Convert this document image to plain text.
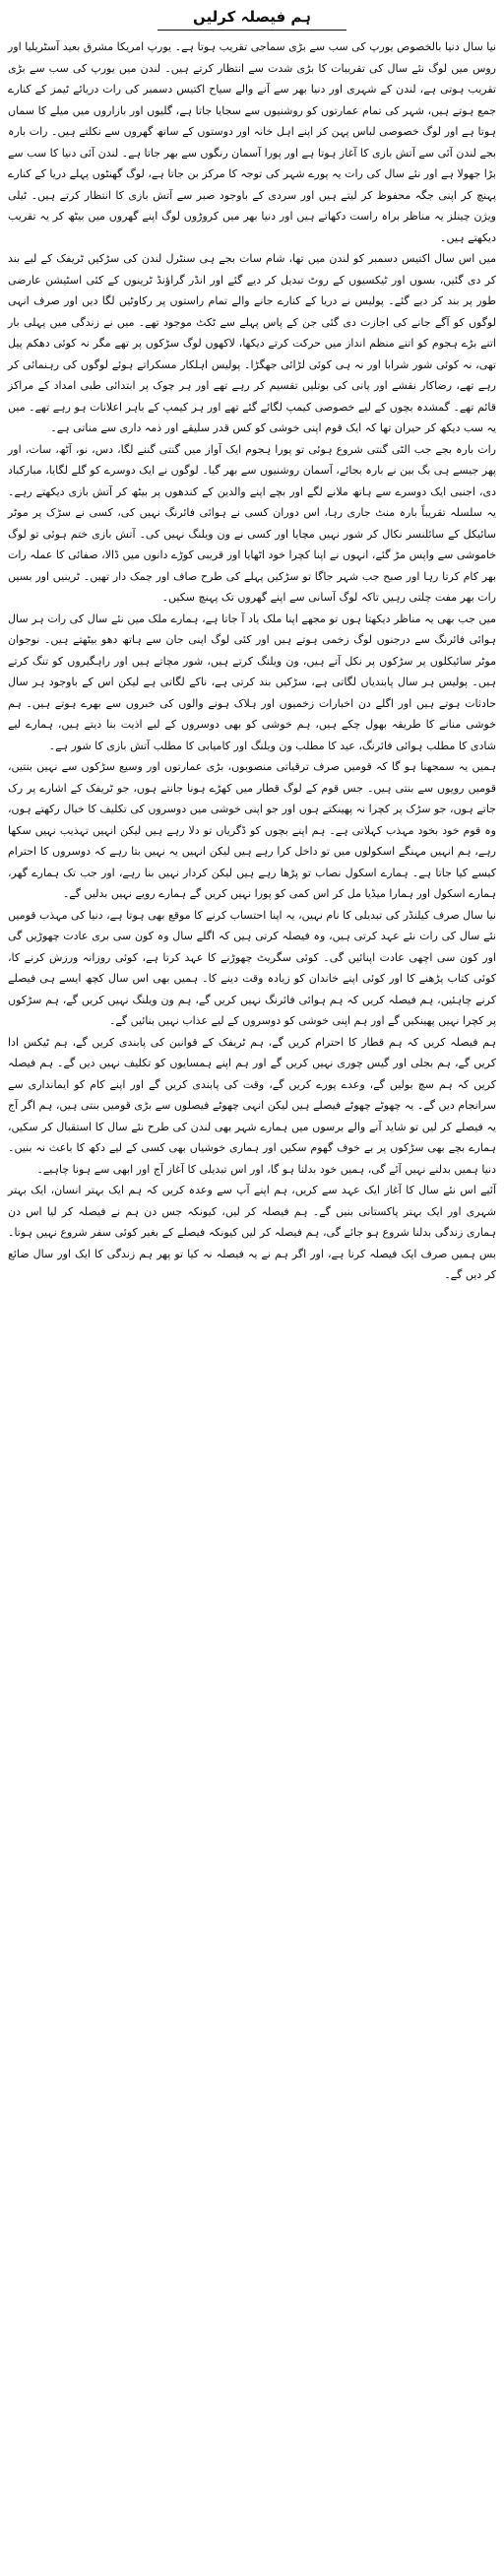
ہم فیصلہ کرلیں

نیا سال دنیا بالخصوص یورپ کی سب سے بڑی سماجی تقریب ہوتا ہے۔ یورپ امریکا مشرق بعید آسٹریلیا اور روس میں لوگ نئے سال کی تقریبات کا بڑی شدت سے انتظار کرتے ہیں۔ لندن میں یورپ کی سب سے بڑی تقریب ہوتی ہے، لندن کے شہری اور دنیا بھر سے آنے والے سیاح اکتیس دسمبر کی رات دریائے ٹیمز کے کنارے جمع ہوتے ہیں، شہر کی تمام عمارتوں کو روشنیوں سے سجایا جاتا ہے، گلیوں اور بازاروں میں میلے کا سماں ہوتا ہے اور لوگ خصوصی لباس پہن کر اپنے اہل خانہ اور دوستوں کے ساتھ گھروں سے نکلتے ہیں۔ رات بارہ بجے لندن آئی سے آتش بازی کا آغاز ہوتا ہے اور پورا آسمان رنگوں سے بھر جاتا ہے۔ لندن آئی دنیا کا سب سے بڑا جھولا ہے اور نئے سال کی رات یہ پورے شہر کی توجہ کا مرکز بن جاتا ہے، لوگ گھنٹوں پہلے دریا کے کنارے پہنچ کر اپنی جگہ محفوظ کر لیتے ہیں اور سردی کے باوجود صبر سے آتش بازی کا انتظار کرتے ہیں۔ ٹیلی ویژن چینلز یہ مناظر براہ راست دکھاتے ہیں اور دنیا بھر میں کروڑوں لوگ اپنے گھروں میں بیٹھ کر یہ تقریب دیکھتے ہیں۔

میں اس سال اکتیس دسمبر کو لندن میں تھا، شام سات بجے ہی سنٹرل لندن کی سڑکیں ٹریفک کے لیے بند کر دی گئیں، بسوں اور ٹیکسیوں کے روٹ تبدیل کر دیے گئے اور انڈر گراؤنڈ ٹرینوں کے کئی اسٹیشن عارضی طور پر بند کر دیے گئے۔ پولیس نے دریا کے کنارے جانے والے تمام راستوں پر رکاوٹیں لگا دیں اور صرف انہی لوگوں کو آگے جانے کی اجازت دی گئی جن کے پاس پہلے سے ٹکٹ موجود تھے۔ میں نے زندگی میں پہلی بار اتنے بڑے ہجوم کو اتنے منظم انداز میں حرکت کرتے دیکھا، لاکھوں لوگ سڑکوں پر تھے مگر نہ کوئی دھکم پیل تھی، نہ کوئی شور شرابا اور نہ ہی کوئی لڑائی جھگڑا۔ پولیس اہلکار مسکراتے ہوئے لوگوں کی رہنمائی کر رہے تھے، رضاکار نقشے اور پانی کی بوتلیں تقسیم کر رہے تھے اور ہر چوک پر ابتدائی طبی امداد کے مراکز قائم تھے۔ گمشدہ بچوں کے لیے خصوصی کیمپ لگائے گئے تھے اور ہر کیمپ کے باہر اعلانات ہو رہے تھے۔ میں یہ سب دیکھ کر حیران تھا کہ ایک قوم اپنی خوشی کو کس قدر سلیقے اور ذمہ داری سے مناتی ہے۔

رات بارہ بجے جب الٹی گنتی شروع ہوئی تو پورا ہجوم ایک آواز میں گنتی گننے لگا، دس، نو، آٹھ، سات، اور پھر جیسے ہی بگ بین نے بارہ بجائے، آسمان روشنیوں سے بھر گیا۔ لوگوں نے ایک دوسرے کو گلے لگایا، مبارکباد دی، اجنبی ایک دوسرے سے ہاتھ ملانے لگے اور بچے اپنے والدین کے کندھوں پر بیٹھ کر آتش بازی دیکھتے رہے۔ یہ سلسلہ تقریباً بارہ منٹ جاری رہا، اس دوران کسی نے ہوائی فائرنگ نہیں کی، کسی نے سڑک پر موٹر سائیکل کے سائلنسر نکال کر شور نہیں مچایا اور کسی نے ون ویلنگ نہیں کی۔ آتش بازی ختم ہوئی تو لوگ خاموشی سے واپس مڑ گئے، انہوں نے اپنا کچرا خود اٹھایا اور قریبی کوڑے دانوں میں ڈالا، صفائی کا عملہ رات بھر کام کرتا رہا اور صبح جب شہر جاگا تو سڑکیں پہلے کی طرح صاف اور چمک دار تھیں۔ ٹرینیں اور بسیں رات بھر مفت چلتی رہیں تاکہ لوگ آسانی سے اپنے گھروں تک پہنچ سکیں۔

میں جب بھی یہ مناظر دیکھتا ہوں تو مجھے اپنا ملک یاد آ جاتا ہے، ہمارے ملک میں نئے سال کی رات ہر سال ہوائی فائرنگ سے درجنوں لوگ زخمی ہوتے ہیں اور کئی لوگ اپنی جان سے ہاتھ دھو بیٹھتے ہیں۔ نوجوان موٹر سائیکلوں پر سڑکوں پر نکل آتے ہیں، ون ویلنگ کرتے ہیں، شور مچاتے ہیں اور راہگیروں کو تنگ کرتے ہیں۔ پولیس ہر سال پابندیاں لگاتی ہے، سڑکیں بند کرتی ہے، ناکے لگاتی ہے لیکن اس کے باوجود ہر سال حادثات ہوتے ہیں اور اگلے دن اخبارات زخمیوں اور ہلاک ہونے والوں کی خبروں سے بھرے ہوتے ہیں۔ ہم خوشی منانے کا طریقہ بھول چکے ہیں، ہم خوشی کو بھی دوسروں کے لیے اذیت بنا دیتے ہیں، ہمارے لیے شادی کا مطلب ہوائی فائرنگ، عید کا مطلب ون ویلنگ اور کامیابی کا مطلب آتش بازی کا شور ہے۔

ہمیں یہ سمجھنا ہو گا کہ قومیں صرف ترقیاتی منصوبوں، بڑی عمارتوں اور وسیع سڑکوں سے نہیں بنتیں، قومیں رویوں سے بنتی ہیں۔ جس قوم کے لوگ قطار میں کھڑے ہونا جانتے ہوں، جو ٹریفک کے اشارے پر رک جاتے ہوں، جو سڑک پر کچرا نہ پھینکتے ہوں اور جو اپنی خوشی میں دوسروں کی تکلیف کا خیال رکھتے ہوں، وہ قوم خود بخود مہذب کہلاتی ہے۔ ہم اپنے بچوں کو ڈگریاں تو دلا رہے ہیں لیکن انہیں تہذیب نہیں سکھا رہے، ہم انہیں مہنگے اسکولوں میں تو داخل کرا رہے ہیں لیکن انہیں یہ نہیں بتا رہے کہ دوسروں کا احترام کیسے کیا جاتا ہے۔ ہمارے اسکول نصاب تو پڑھا رہے ہیں لیکن کردار نہیں بنا رہے، اور جب تک ہمارے گھر، ہمارے اسکول اور ہمارا میڈیا مل کر اس کمی کو پورا نہیں کریں گے ہمارے رویے نہیں بدلیں گے۔

نیا سال صرف کیلنڈر کی تبدیلی کا نام نہیں، یہ اپنا احتساب کرنے کا موقع بھی ہوتا ہے، دنیا کی مہذب قومیں نئے سال کی رات نئے عہد کرتی ہیں، وہ فیصلہ کرتی ہیں کہ اگلے سال وہ کون سی بری عادت چھوڑیں گی اور کون سی اچھی عادت اپنائیں گی۔ کوئی سگریٹ چھوڑنے کا عہد کرتا ہے، کوئی روزانہ ورزش کرنے کا، کوئی کتاب پڑھنے کا اور کوئی اپنے خاندان کو زیادہ وقت دینے کا۔ ہمیں بھی اس سال کچھ ایسے ہی فیصلے کرنے چاہئیں، ہم فیصلہ کریں کہ ہم ہوائی فائرنگ نہیں کریں گے، ہم ون ویلنگ نہیں کریں گے، ہم سڑکوں پر کچرا نہیں پھینکیں گے اور ہم اپنی خوشی کو دوسروں کے لیے عذاب نہیں بنائیں گے۔

ہم فیصلہ کریں کہ ہم قطار کا احترام کریں گے، ہم ٹریفک کے قوانین کی پابندی کریں گے، ہم ٹیکس ادا کریں گے، ہم بجلی اور گیس چوری نہیں کریں گے اور ہم اپنے ہمسایوں کو تکلیف نہیں دیں گے۔ ہم فیصلہ کریں کہ ہم سچ بولیں گے، وعدے پورے کریں گے، وقت کی پابندی کریں گے اور اپنے کام کو ایمانداری سے سرانجام دیں گے۔ یہ چھوٹے چھوٹے فیصلے ہیں لیکن انہی چھوٹے فیصلوں سے بڑی قومیں بنتی ہیں، ہم اگر آج یہ فیصلے کر لیں تو شاید آنے والے برسوں میں ہمارے شہر بھی لندن کی طرح نئے سال کا استقبال کر سکیں، ہمارے بچے بھی سڑکوں پر بے خوف گھوم سکیں اور ہماری خوشیاں بھی کسی کے لیے دکھ کا باعث نہ بنیں۔ دنیا ہمیں بدلنے نہیں آئے گی، ہمیں خود بدلنا ہو گا، اور اس تبدیلی کا آغاز آج اور ابھی سے ہونا چاہیے۔

آئیے اس نئے سال کا آغاز ایک عہد سے کریں، ہم اپنے آپ سے وعدہ کریں کہ ہم ایک بہتر انسان، ایک بہتر شہری اور ایک بہتر پاکستانی بنیں گے۔ ہم فیصلہ کر لیں، کیونکہ جس دن ہم نے فیصلہ کر لیا اس دن ہماری زندگی بدلنا شروع ہو جائے گی، ہم فیصلہ کر لیں کیونکہ فیصلے کے بغیر کوئی سفر شروع نہیں ہوتا۔ بس ہمیں صرف ایک فیصلہ کرنا ہے، اور اگر ہم نے یہ فیصلہ نہ کیا تو پھر ہم زندگی کا ایک اور سال ضائع کر دیں گے۔
